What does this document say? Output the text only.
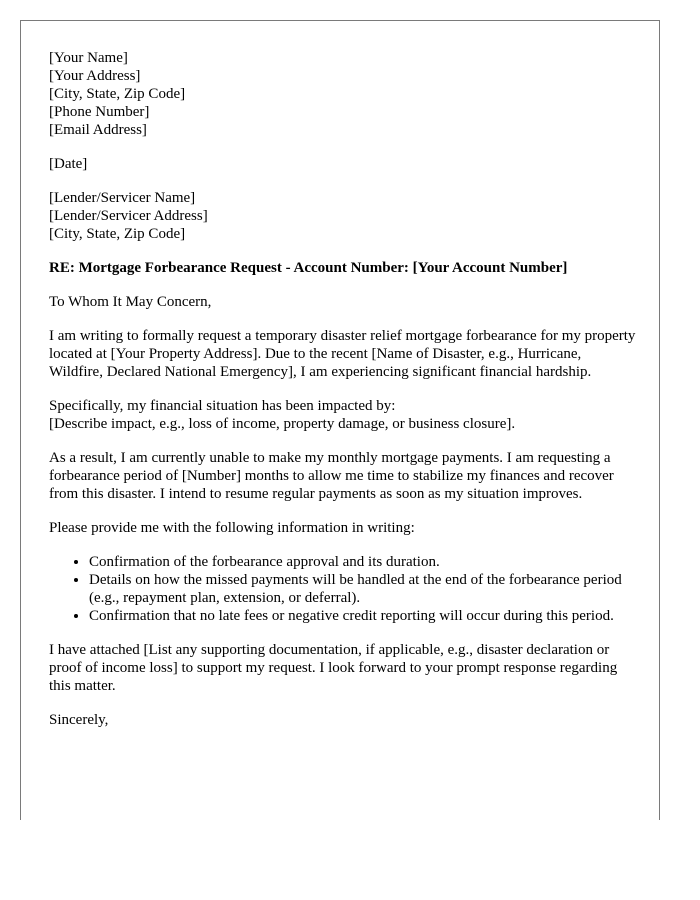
[Your Name]
[Your Address]
[City, State, Zip Code]
[Phone Number]
[Email Address]
[Date]
[Lender/Servicer Name]
[Lender/Servicer Address]
[City, State, Zip Code]
RE: Mortgage Forbearance Request - Account Number: [Your Account Number]

To Whom It May Concern,

I am writing to formally request a temporary disaster relief mortgage forbearance for my property located at [Your Property Address]. Due to the recent [Name of Disaster, e.g., Hurricane, Wildfire, Declared National Emergency], I am experiencing significant financial hardship.

Specifically, my financial situation has been impacted by:
[Describe impact, e.g., loss of income, property damage, or business closure].

As a result, I am currently unable to make my monthly mortgage payments. I am requesting a forbearance period of [Number] months to allow me time to stabilize my finances and recover from this disaster. I intend to resume regular payments as soon as my situation improves.

Please provide me with the following information in writing:

• Confirmation of the forbearance approval and its duration.
• Details on how the missed payments will be handled at the end of the forbearance period (e.g., repayment plan, extension, or deferral).
• Confirmation that no late fees or negative credit reporting will occur during this period.

I have attached [List any supporting documentation, if applicable, e.g., disaster declaration or proof of income loss] to support my request. I look forward to your prompt response regarding this matter.

Sincerely,
